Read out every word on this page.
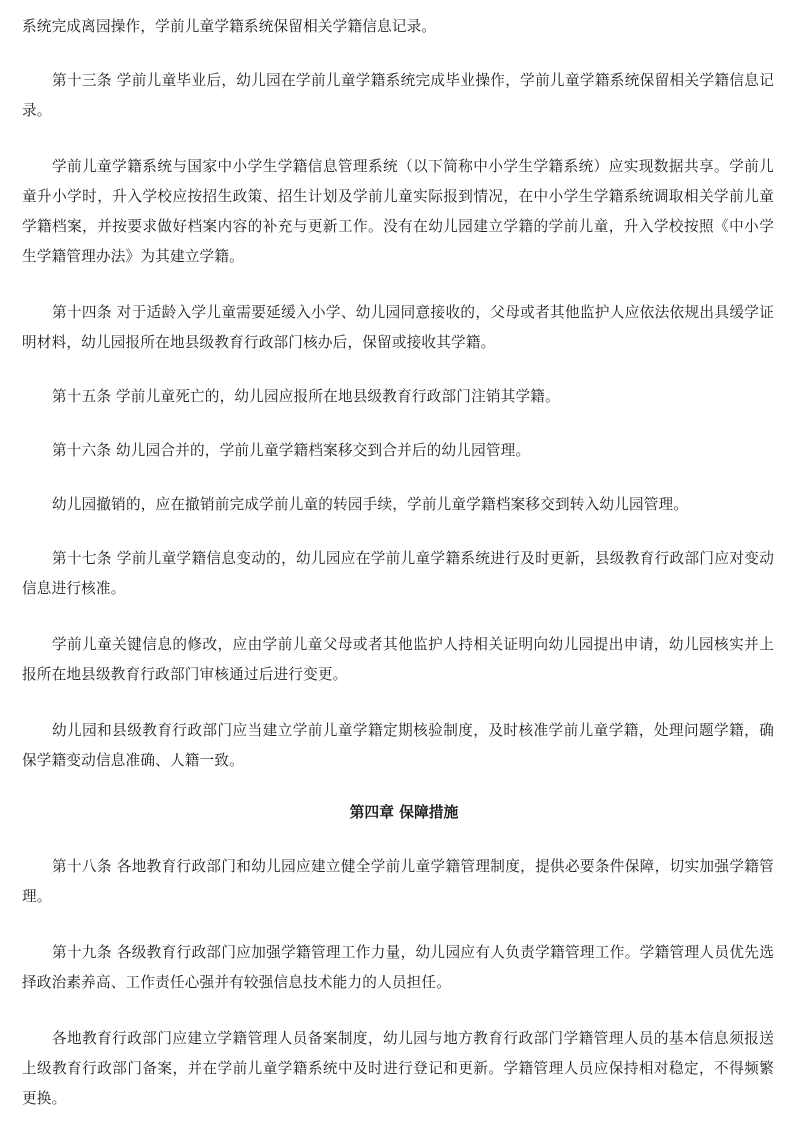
系统完成离园操作，学前儿童学籍系统保留相关学籍信息记录。

第十三条 学前儿童毕业后，幼儿园在学前儿童学籍系统完成毕业操作，学前儿童学籍系统保留相关学籍信息记录。

学前儿童学籍系统与国家中小学生学籍信息管理系统（以下简称中小学生学籍系统）应实现数据共享。学前儿童升小学时，升入学校应按招生政策、招生计划及学前儿童实际报到情况，在中小学生学籍系统调取相关学前儿童学籍档案，并按要求做好档案内容的补充与更新工作。没有在幼儿园建立学籍的学前儿童，升入学校按照《中小学生学籍管理办法》为其建立学籍。

第十四条 对于适龄入学儿童需要延缓入小学、幼儿园同意接收的，父母或者其他监护人应依法依规出具缓学证明材料，幼儿园报所在地县级教育行政部门核办后，保留或接收其学籍。

第十五条 学前儿童死亡的，幼儿园应报所在地县级教育行政部门注销其学籍。

第十六条 幼儿园合并的，学前儿童学籍档案移交到合并后的幼儿园管理。

幼儿园撤销的，应在撤销前完成学前儿童的转园手续，学前儿童学籍档案移交到转入幼儿园管理。

第十七条 学前儿童学籍信息变动的，幼儿园应在学前儿童学籍系统进行及时更新，县级教育行政部门应对变动信息进行核准。

学前儿童关键信息的修改，应由学前儿童父母或者其他监护人持相关证明向幼儿园提出申请，幼儿园核实并上报所在地县级教育行政部门审核通过后进行变更。

幼儿园和县级教育行政部门应当建立学前儿童学籍定期核验制度，及时核准学前儿童学籍，处理问题学籍，确保学籍变动信息准确、人籍一致。

第四章 保障措施

第十八条 各地教育行政部门和幼儿园应建立健全学前儿童学籍管理制度，提供必要条件保障，切实加强学籍管理。

第十九条 各级教育行政部门应加强学籍管理工作力量，幼儿园应有人负责学籍管理工作。学籍管理人员优先选择政治素养高、工作责任心强并有较强信息技术能力的人员担任。

各地教育行政部门应建立学籍管理人员备案制度，幼儿园与地方教育行政部门学籍管理人员的基本信息须报送上级教育行政部门备案，并在学前儿童学籍系统中及时进行登记和更新。学籍管理人员应保持相对稳定，不得频繁更换。
